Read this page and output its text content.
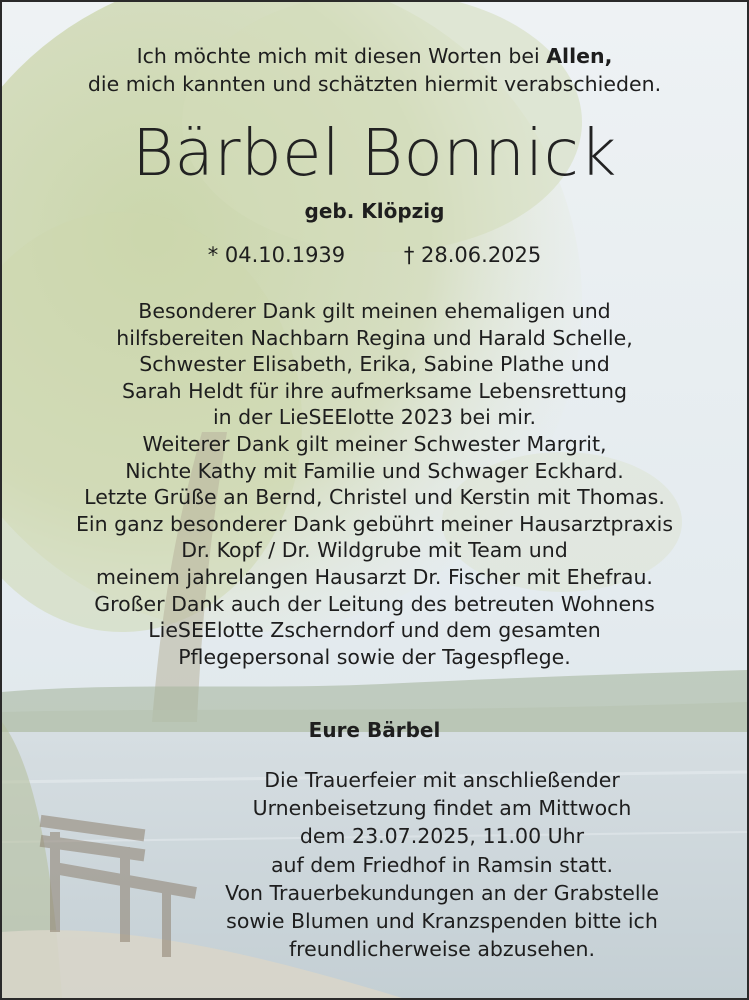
Ich möchte mich mit diesen Worten bei Allen,
die mich kannten und schätzten hiermit verabschieden.
Bärbel Bonnick
geb. Klöpzig
* 04.10.1939	† 28.06.2025
Besonderer Dank gilt meinen ehemaligen und
hilfsbereiten Nachbarn Regina und Harald Schelle,
Schwester Elisabeth, Erika, Sabine Plathe und
Sarah Heldt für ihre aufmerksame Lebensrettung
in der LieSEElotte 2023 bei mir.
Weiterer Dank gilt meiner Schwester Margrit,
Nichte Kathy mit Familie und Schwager Eckhard.
Letzte Grüße an Bernd, Christel und Kerstin mit Thomas.
Ein ganz besonderer Dank gebührt meiner Hausarztpraxis
Dr. Kopf / Dr. Wildgrube mit Team und
meinem jahrelangen Hausarzt Dr. Fischer mit Ehefrau.
Großer Dank auch der Leitung des betreuten Wohnens
LieSEElotte Zscherndorf und dem gesamten
Pflegepersonal sowie der Tagespflege.
Eure Bärbel
Die Trauerfeier mit anschließender
Urnenbeisetzung findet am Mittwoch
dem 23.07.2025, 11.00 Uhr
auf dem Friedhof in Ramsin statt.
Von Trauerbekundungen an der Grabstelle
sowie Blumen und Kranzspenden bitte ich
freundlicherweise abzusehen.
